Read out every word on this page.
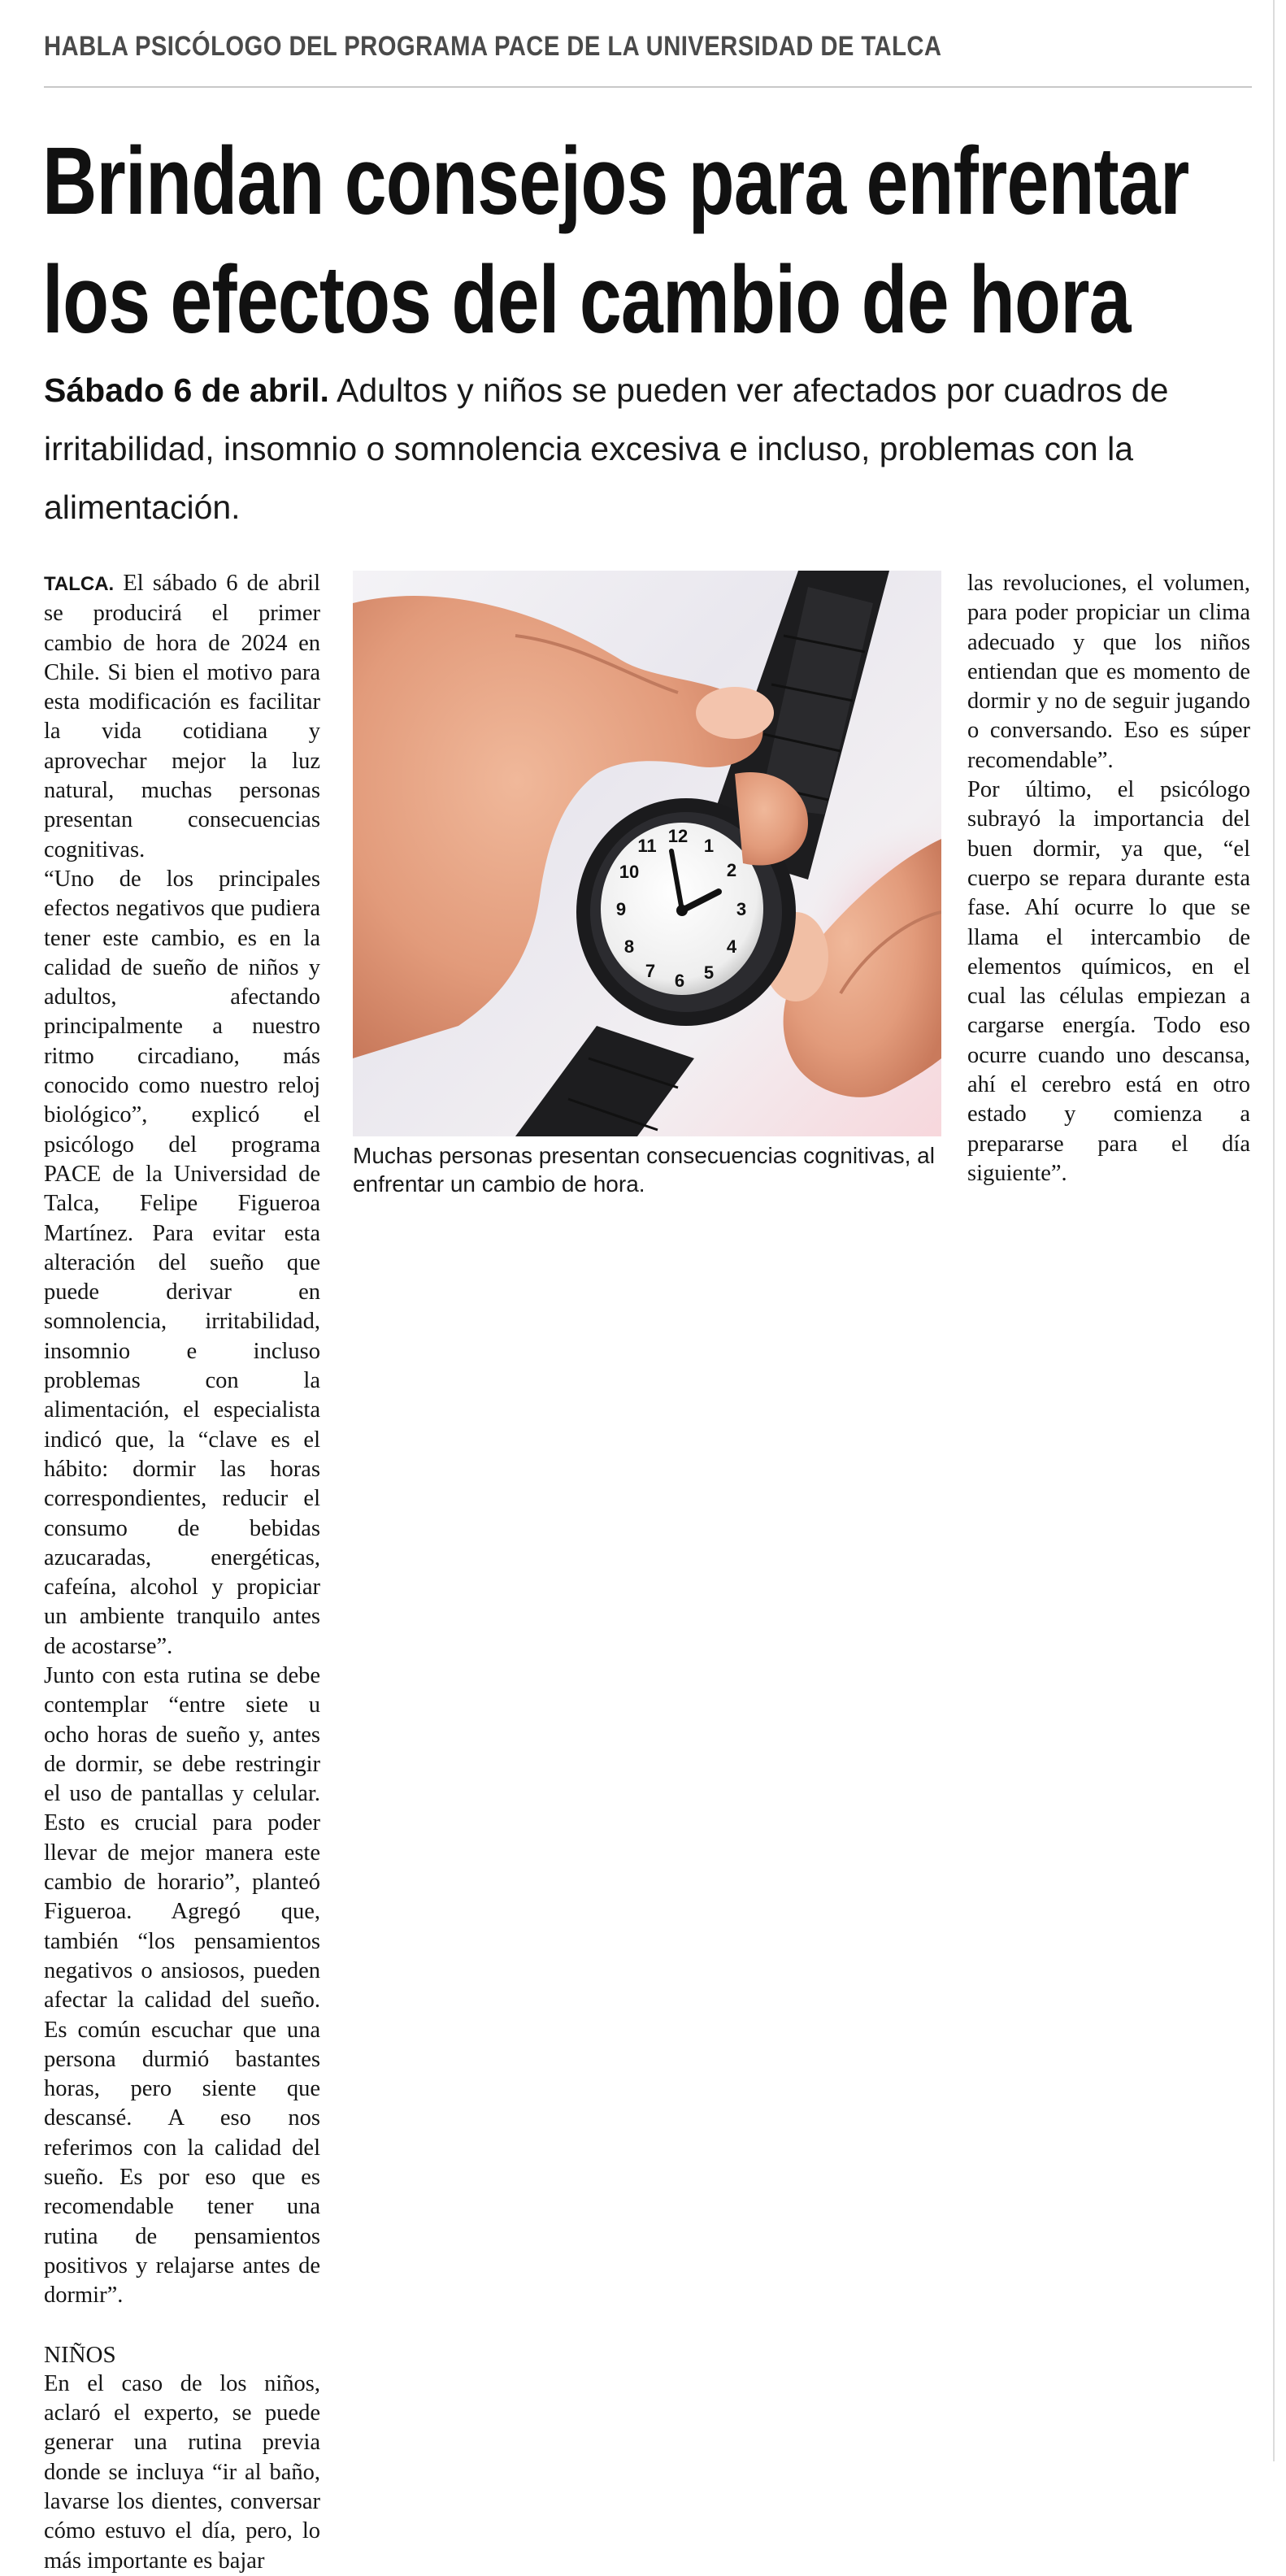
HABLA PSICÓLOGO DEL PROGRAMA PACE DE LA UNIVERSIDAD DE TALCA
Brindan consejos para enfrentar
los efectos del cambio de hora
Sábado 6 de abril. Adultos y niños se pueden ver afectados por cuadros de irritabilidad, insomnio o somnolencia excesiva e incluso, problemas con la alimentación.

TALCA. El sábado 6 de abril se producirá el primer cambio de hora de 2024 en Chile. Si bien el motivo para esta modificación es facilitar la vida cotidiana y aprovechar mejor la luz natural, muchas personas presentan consecuencias cognitivas.

“Uno de los principales efectos negativos que pudiera tener este cambio, es en la calidad de sueño de niños y adultos, afectando principalmente a nuestro ritmo circadiano, más conocido como nuestro reloj biológico”, explicó el psicólogo del programa PACE de la Universidad de Talca, Felipe Figueroa Martínez. Para evitar esta alteración del sueño que puede derivar en somnolencia, irritabilidad, insomnio e incluso problemas con la alimentación, el especialista indicó que, la “clave es el hábito: dormir las horas correspondientes, reducir el consumo de bebidas azucaradas, energéticas, cafeína, alcohol y propiciar un ambiente tranquilo antes de acostarse”.

Junto con esta rutina se debe contemplar “entre siete u ocho horas de sueño y, antes de dormir, se debe restringir el uso de pantallas y celular. Esto es crucial para poder llevar de mejor manera este cambio de horario”, planteó Figueroa. Agregó que, también “los pensamientos negativos o ansiosos, pueden afectar la calidad del sueño. Es común escuchar que una persona durmió bastantes horas, pero siente que descansé. A eso nos referimos con la calidad del sueño. Es por eso que es recomendable tener una rutina de pensamientos positivos y relajarse antes de dormir”.

NIÑOS

En el caso de los niños, aclaró el experto, se puede generar una rutina previa donde se incluya “ir al baño, lavarse los dientes, conversar cómo estuvo el día, pero, lo más importante es bajar

11 12 1
2
3
4
5
6
7
8
9
10
Muchas personas presentan consecuencias cognitivas, al enfrentar un cambio de hora.

las revoluciones, el volumen, para poder propiciar un clima adecuado y que los niños entiendan que es momento de dormir y no de seguir jugando o conversando. Eso es súper recomendable”.

Por último, el psicólogo subrayó la importancia del buen dormir, ya que, “el cuerpo se repara durante esta fase. Ahí ocurre lo que se llama el intercambio de elementos químicos, en el cual las células empiezan a cargarse energía. Todo eso ocurre cuando uno descansa, ahí el cerebro está en otro estado y comienza a prepararse para el día siguiente”.
